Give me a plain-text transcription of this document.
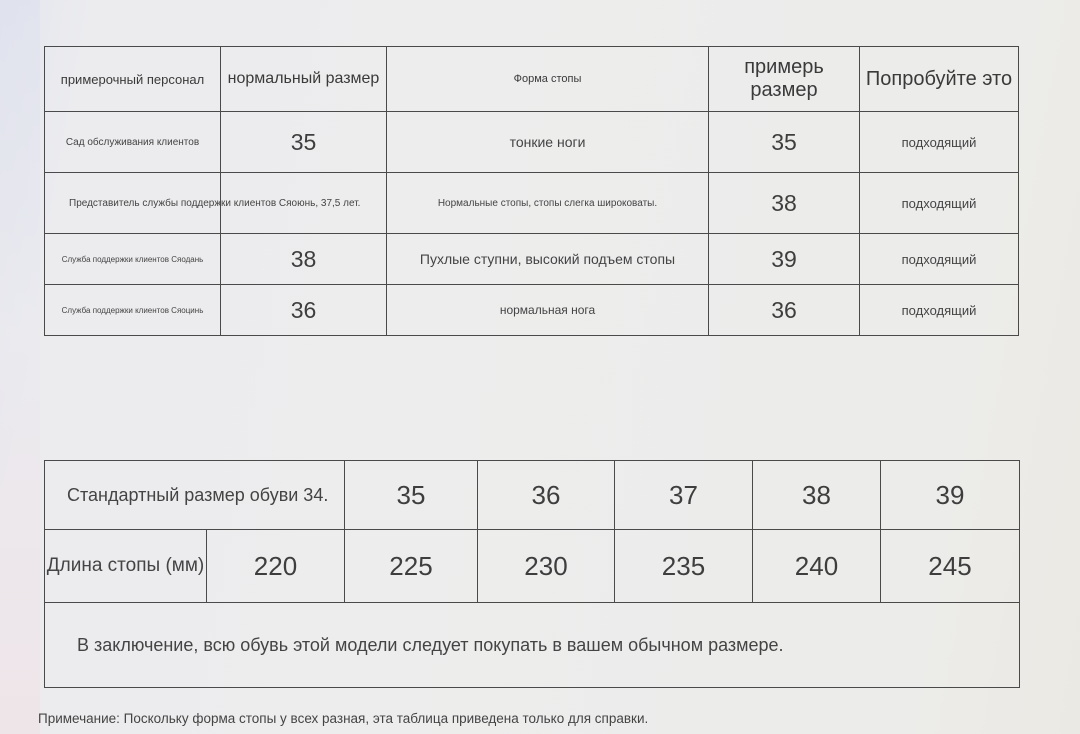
примерочный персонал	нормальный размер	Форма стопы	примерь размер	Попробуйте это
Сад обслуживания клиентов	35	тонкие ноги	35	подходящий
Представитель службы поддержки клиентов Сяоюнь, 37,5 лет.		Нормальные стопы, стопы слегка широковаты.	38	подходящий
Служба поддержки клиентов Сяодань	38	Пухлые ступни, высокий подъем стопы	39	подходящий
Служба поддержки клиентов Сяоцинь	36	нормальная нога	36	подходящий
Стандартный размер обуви 34.		35	36	37	38	39
Длина стопы (мм)	220	225	230	235	240	245
В заключение, всю обувь этой модели следует покупать в вашем обычном размере.						
Примечание: Поскольку форма стопы у всех разная, эта таблица приведена только для справки.
